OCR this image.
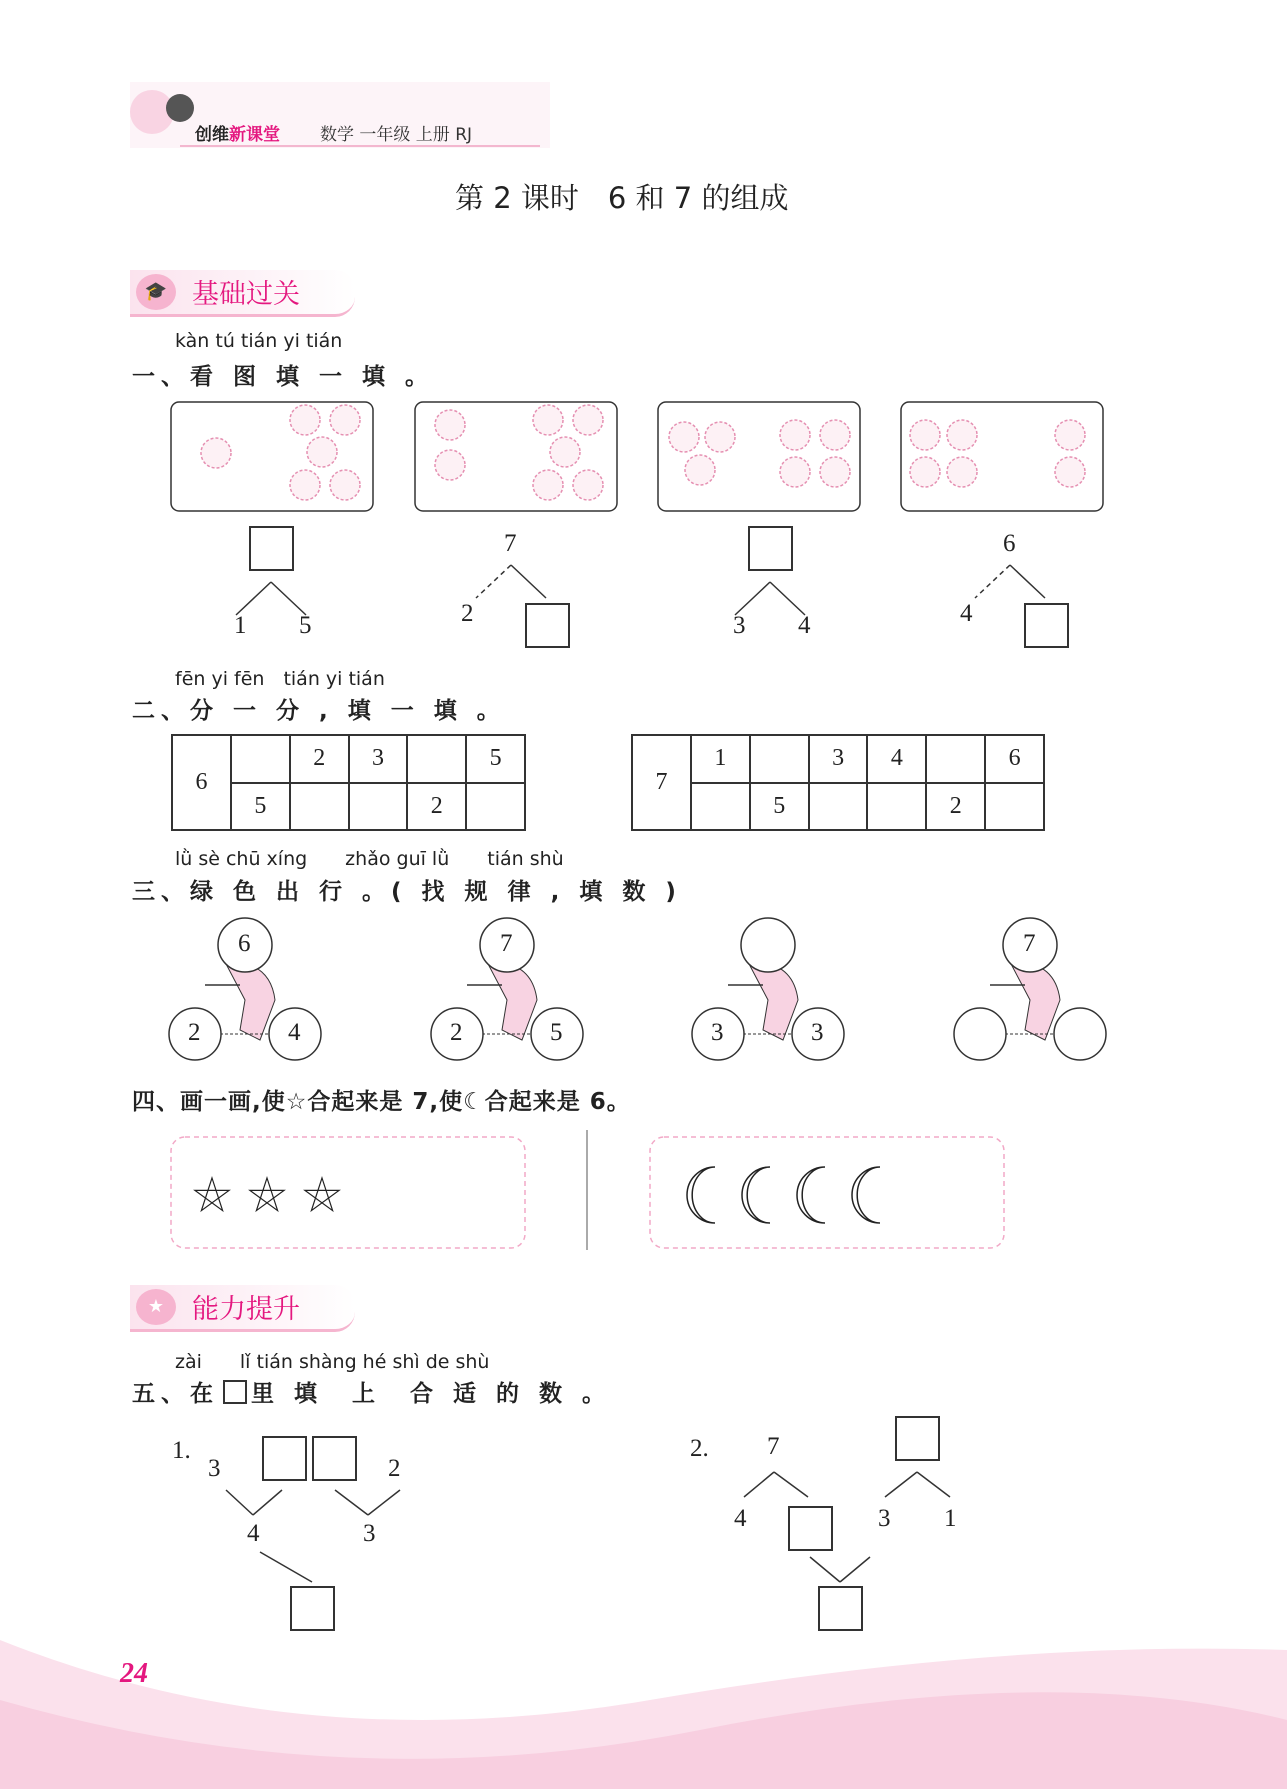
创维新课堂 数学 一年级 上册 RJ
第 2 课时　6 和 7 的组成
🎓 基础过关
kàn tú tián yi tián
一、看 图 填 一 填 。
fēn yi fēn　tián yi tián
二、分 一 分 , 填 一 填 。
6		2	3		5
	5			2	
7	1		3	4		6
		5			2	
lǜ sè chū xíng　　zhǎo guī lǜ　　tián shù
三、绿 色 出 行 。( 找 规 律 , 填 数 )
四、画一画,使☆合起来是 7,使☾合起来是 6。
★	能力提升
zài　　lǐ tián shàng hé shì de shù
五、在 里 填　上　合 适 的 数 。
1.
3	2
4	3
2. 7
4	3 1
24
1 5
7
2	3 4
6
4
6
2	4
7
2	5	3	3
7
